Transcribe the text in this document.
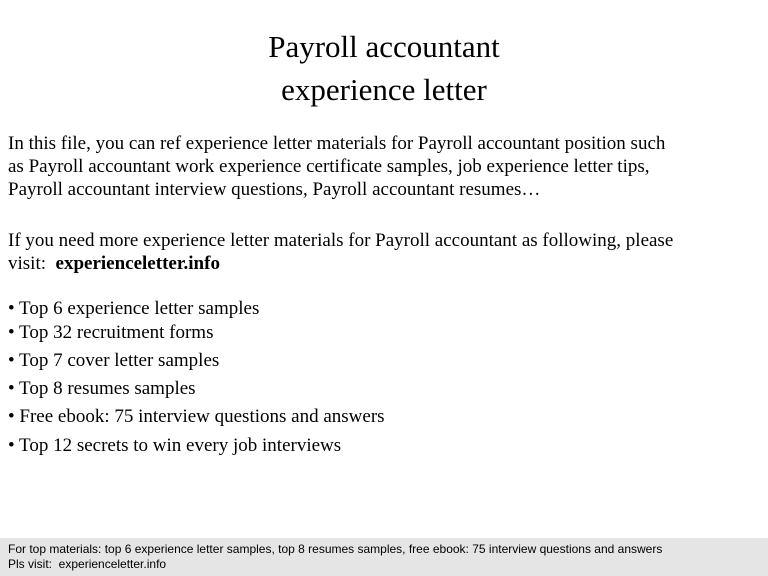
Payroll accountant
experience letter
In this file, you can ref experience letter materials for Payroll accountant position such
as Payroll accountant work experience certificate samples, job experience letter tips,
Payroll accountant interview questions, Payroll accountant resumes…
If you need more experience letter materials for Payroll accountant as following, please
visit:  experienceletter.info
• Top 6 experience letter samples
• Top 32 recruitment forms
• Top 7 cover letter samples
• Top 8 resumes samples
• Free ebook: 75 interview questions and answers
• Top 12 secrets to win every job interviews
For top materials: top 6 experience letter samples, top 8 resumes samples, free ebook: 75 interview questions and answers
Pls visit:  experienceletter.info
